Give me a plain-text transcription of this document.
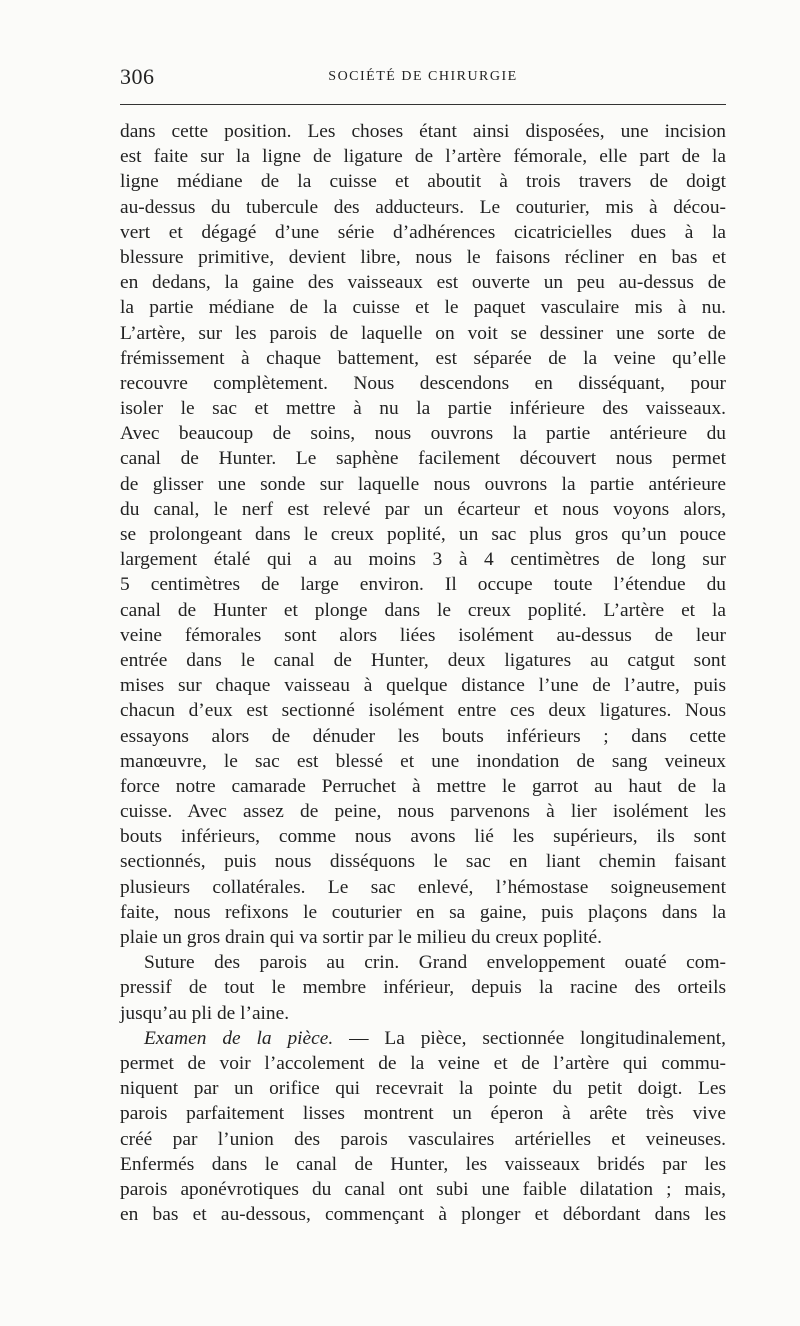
306	SOCIÉTÉ DE CHIRURGIE
dans cette position. Les choses étant ainsi disposées, une incision
est faite sur la ligne de ligature de l’artère fémorale, elle part de la
ligne médiane de la cuisse et aboutit à trois travers de doigt
au-dessus du tubercule des adducteurs. Le couturier, mis à décou-
vert et dégagé d’une série d’adhérences cicatricielles dues à la
blessure primitive, devient libre, nous le faisons récliner en bas et
en dedans, la gaine des vaisseaux est ouverte un peu au-dessus de
la partie médiane de la cuisse et le paquet vasculaire mis à nu.
L’artère, sur les parois de laquelle on voit se dessiner une sorte de
frémissement à chaque battement, est séparée de la veine qu’elle
recouvre complètement. Nous descendons en disséquant, pour
isoler le sac et mettre à nu la partie inférieure des vaisseaux.
Avec beaucoup de soins, nous ouvrons la partie antérieure du
canal de Hunter. Le saphène facilement découvert nous permet
de glisser une sonde sur laquelle nous ouvrons la partie antérieure
du canal, le nerf est relevé par un écarteur et nous voyons alors,
se prolongeant dans le creux poplité, un sac plus gros qu’un pouce
largement étalé qui a au moins 3 à 4 centimètres de long sur
5 centimètres de large environ. Il occupe toute l’étendue du
canal de Hunter et plonge dans le creux poplité. L’artère et la
veine fémorales sont alors liées isolément au-dessus de leur
entrée dans le canal de Hunter, deux ligatures au catgut sont
mises sur chaque vaisseau à quelque distance l’une de l’autre, puis
chacun d’eux est sectionné isolément entre ces deux ligatures. Nous
essayons alors de dénuder les bouts inférieurs ; dans cette
manœuvre, le sac est blessé et une inondation de sang veineux
force notre camarade Perruchet à mettre le garrot au haut de la
cuisse. Avec assez de peine, nous parvenons à lier isolément les
bouts inférieurs, comme nous avons lié les supérieurs, ils sont
sectionnés, puis nous disséquons le sac en liant chemin faisant
plusieurs collatérales. Le sac enlevé, l’hémostase soigneusement
faite, nous refixons le couturier en sa gaine, puis plaçons dans la
plaie un gros drain qui va sortir par le milieu du creux poplité.
Suture des parois au crin. Grand enveloppement ouaté com-
pressif de tout le membre inférieur, depuis la racine des orteils
jusqu’au pli de l’aine.
Examen de la pièce. — La pièce, sectionnée longitudinalement,
permet de voir l’accolement de la veine et de l’artère qui commu-
niquent par un orifice qui recevrait la pointe du petit doigt. Les
parois parfaitement lisses montrent un éperon à arête très vive
créé par l’union des parois vasculaires artérielles et veineuses.
Enfermés dans le canal de Hunter, les vaisseaux bridés par les
parois aponévrotiques du canal ont subi une faible dilatation ; mais,
en bas et au-dessous, commençant à plonger et débordant dans les
